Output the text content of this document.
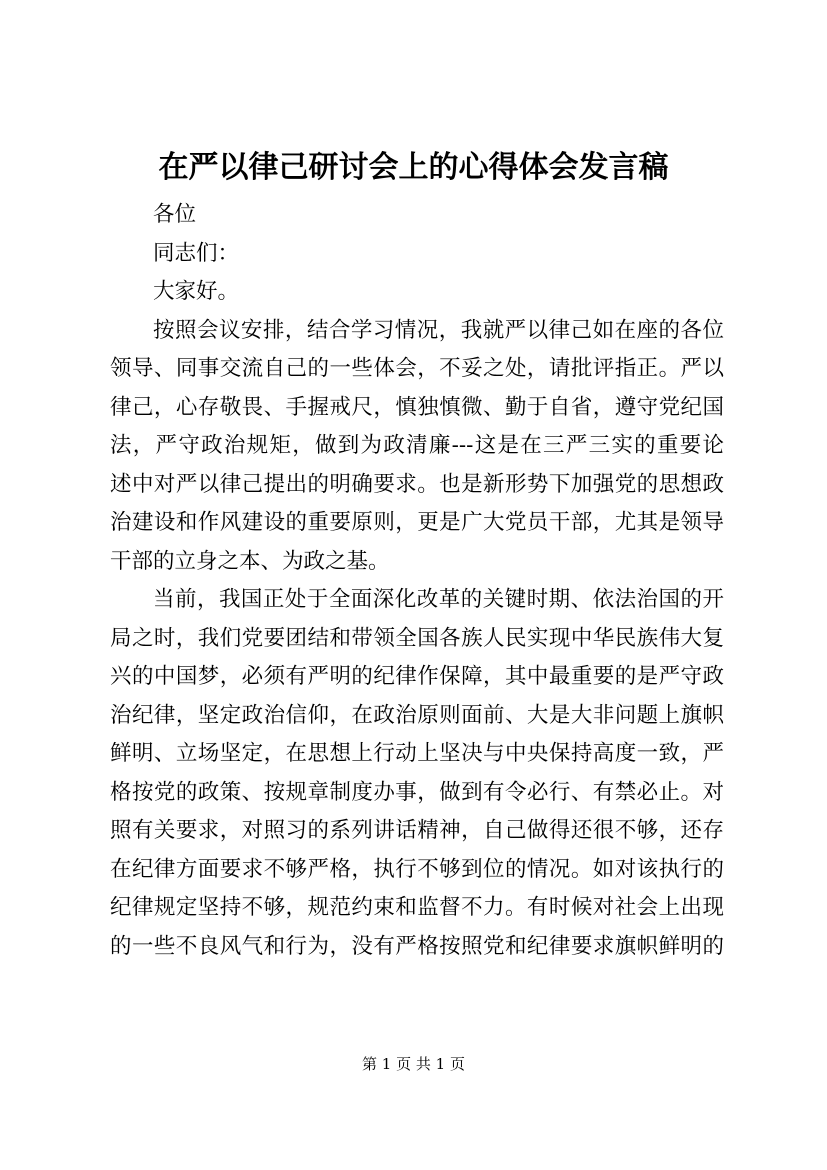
在严以律己研讨会上的心得体会发言稿
各位
同志们：
大家好。
按照会议安排，结合学习情况，我就严以律己如在座的各位
领导、同事交流自己的一些体会，不妥之处，请批评指正。严以
律己，心存敬畏、手握戒尺，慎独慎微、勤于自省，遵守党纪国
法，严守政治规矩，做到为政清廉---这是在三严三实的重要论
述中对严以律己提出的明确要求。也是新形势下加强党的思想政
治建设和作风建设的重要原则，更是广大党员干部，尤其是领导
干部的立身之本、为政之基。
当前，我国正处于全面深化改革的关键时期、依法治国的开
局之时，我们党要团结和带领全国各族人民实现中华民族伟大复
兴的中国梦，必须有严明的纪律作保障，其中最重要的是严守政
治纪律，坚定政治信仰，在政治原则面前、大是大非问题上旗帜
鲜明、立场坚定，在思想上行动上坚决与中央保持高度一致，严
格按党的政策、按规章制度办事，做到有令必行、有禁必止。对
照有关要求，对照习的系列讲话精神，自己做得还很不够，还存
在纪律方面要求不够严格，执行不够到位的情况。如对该执行的
纪律规定坚持不够，规范约束和监督不力。有时候对社会上出现
的一些不良风气和行为，没有严格按照党和纪律要求旗帜鲜明的
第 1 页 共 1 页
